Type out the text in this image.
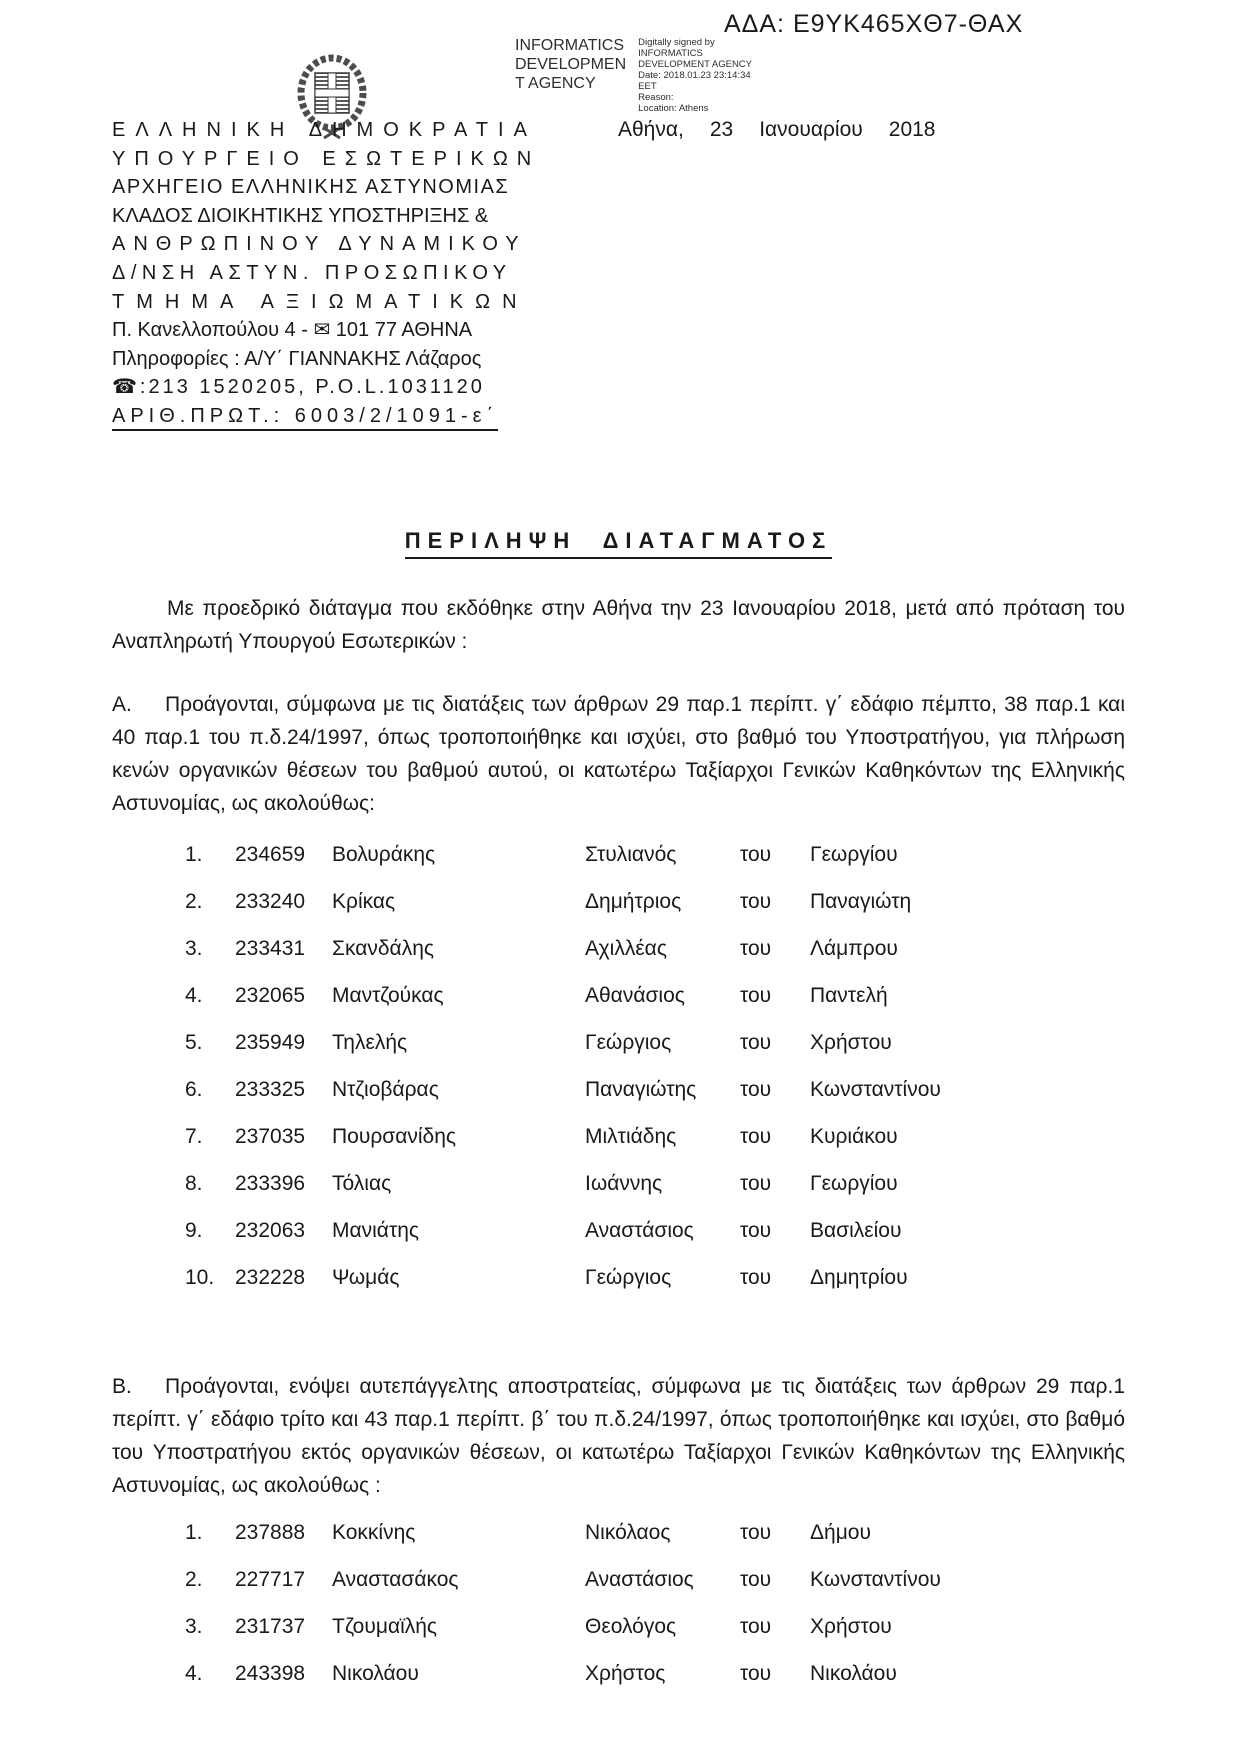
ΑΔΑ: Ε9ΥΚ465ΧΘ7-ΘΑΧ
INFORMATICS
DEVELOPMEN
T AGENCY
Digitally signed by
INFORMATICS
DEVELOPMENT AGENCY
Date: 2018.01.23 23:14:34
EET
Reason:
Location: Athens
ΕΛΛΗΝΙΚΗ ΔΗΜΟΚΡΑΤΙΑ
ΥΠΟΥΡΓΕΙΟ ΕΣΩΤΕΡΙΚΩΝ
ΑΡΧΗΓΕΙΟ ΕΛΛΗΝΙΚΗΣ ΑΣΤΥΝΟΜΙΑΣ
ΚΛΑΔΟΣ ΔΙΟΙΚΗΤΙΚΗΣ ΥΠΟΣΤΗΡΙΞΗΣ &
ΑΝΘΡΩΠΙΝΟΥ ΔΥΝΑΜΙΚΟΥ
Δ/ΝΣΗ ΑΣΤΥΝ. ΠΡΟΣΩΠΙΚΟΥ
ΤΜΗΜΑ ΑΞΙΩΜΑΤΙΚΩΝ
Π. Κανελλοπούλου 4 - ✉ 101 77 ΑΘΗΝΑ
Πληροφορίες : Α/Υ΄ ΓΙΑΝΝΑΚΗΣ Λάζαρος
☎:213 1520205, P.O.L.1031120
ΑΡΙΘ.ΠΡΩΤ.: 6003/2/1091-ε΄
Αθήνα, 23 Ιανουαρίου 2018
ΠΕΡΙΛΗΨΗ ΔΙΑΤΑΓΜΑΤΟΣ

Με προεδρικό διάταγμα που εκδόθηκε στην Αθήνα την 23 Ιανουαρίου 2018, μετά από πρόταση του Αναπληρωτή Υπουργού Εσωτερικών :

Α. Προάγονται, σύμφωνα με τις διατάξεις των άρθρων 29 παρ.1 περίπτ. γ΄ εδάφιο πέμπτο, 38 παρ.1 και 40 παρ.1 του π.δ.24/1997, όπως τροποποιήθηκε και ισχύει, στο βαθμό του Υποστρατήγου, για πλήρωση κενών οργανικών θέσεων του βαθμού αυτού, οι κατωτέρω Ταξίαρχοι Γενικών Καθηκόντων της Ελληνικής Αστυνομίας, ως ακολούθως:

1.	234659	Βολυράκης	Στυλιανός	του	Γεωργίου
2.	233240	Κρίκας	Δημήτριος	του	Παναγιώτη
3.	233431	Σκανδάλης	Αχιλλέας	του	Λάμπρου
4.	232065	Μαντζούκας	Αθανάσιος	του	Παντελή
5.	235949	Τηλελής	Γεώργιος	του	Χρήστου
6.	233325	Ντζιοβάρας	Παναγιώτης	του	Κωνσταντίνου
7.	237035	Πουρσανίδης	Μιλτιάδης	του	Κυριάκου
8.	233396	Τόλιας	Ιωάννης	του	Γεωργίου
9.	232063	Μανιάτης	Αναστάσιος	του	Βασιλείου
10. 232228	Ψωμάς	Γεώργιος	του	Δημητρίου

Β. Προάγονται, ενόψει αυτεπάγγελτης αποστρατείας, σύμφωνα με τις διατάξεις των άρθρων 29 παρ.1 περίπτ. γ΄ εδάφιο τρίτο και 43 παρ.1 περίπτ. β΄ του π.δ.24/1997, όπως τροποποιήθηκε και ισχύει, στο βαθμό του Υποστρατήγου εκτός οργανικών θέσεων, οι κατωτέρω Ταξίαρχοι Γενικών Καθηκόντων της Ελληνικής Αστυνομίας, ως ακολούθως :

1.	237888	Κοκκίνης	Νικόλαος	του	Δήμου
2.	227717	Αναστασάκος	Αναστάσιος	του	Κωνσταντίνου
3.	231737	Τζουμαϊλής	Θεολόγος	του	Χρήστου
4.	243398	Νικολάου	Χρήστος	του	Νικολάου
